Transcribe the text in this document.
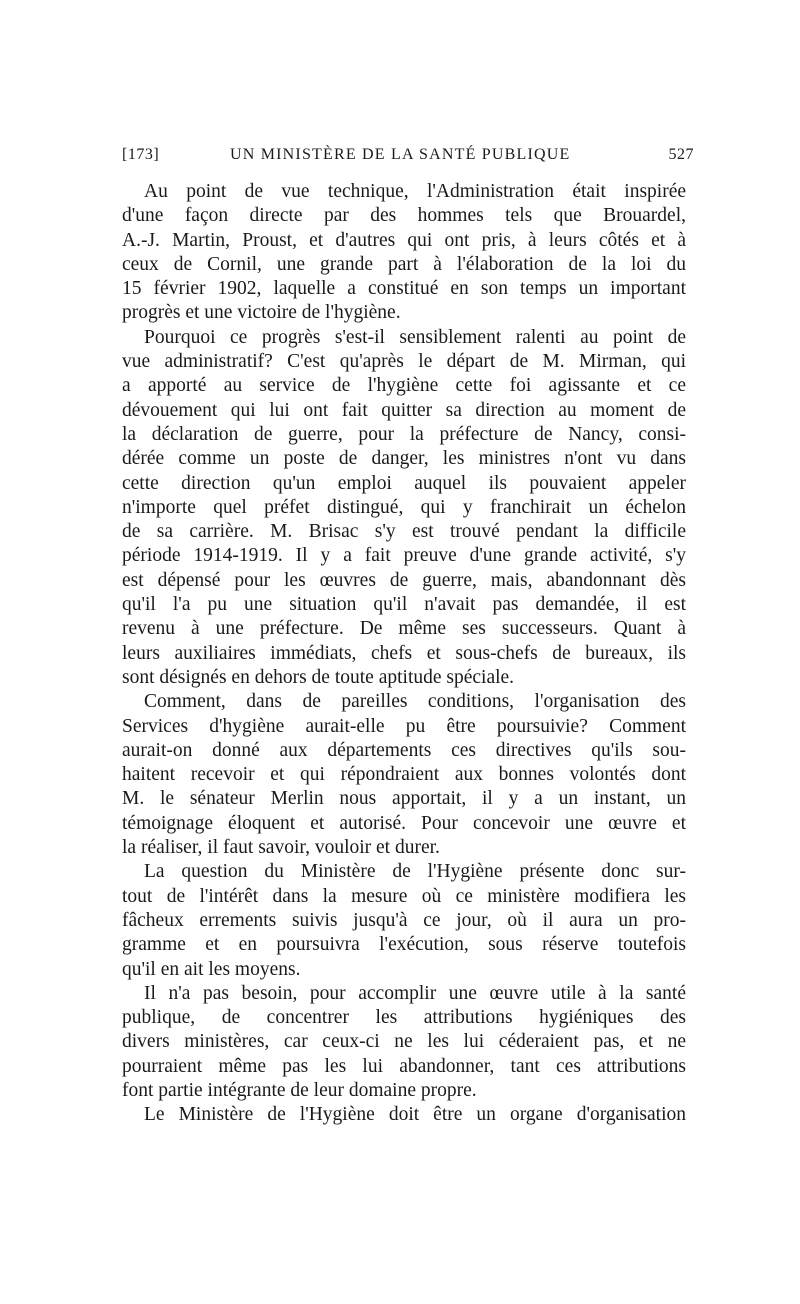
[173]	UN MINISTÈRE DE LA SANTÉ PUBLIQUE	527
Au point de vue technique, l'Administration était inspirée
d'une façon directe par des hommes tels que Brouardel,
A.-J. Martin, Proust, et d'autres qui ont pris, à leurs côtés et à
ceux de Cornil, une grande part à l'élaboration de la loi du
15 février 1902, laquelle a constitué en son temps un important
progrès et une victoire de l'hygiène.
Pourquoi ce progrès s'est-il sensiblement ralenti au point de
vue administratif? C'est qu'après le départ de M. Mirman, qui
a apporté au service de l'hygiène cette foi agissante et ce
dévouement qui lui ont fait quitter sa direction au moment de
la déclaration de guerre, pour la préfecture de Nancy, consi-
dérée comme un poste de danger, les ministres n'ont vu dans
cette direction qu'un emploi auquel ils pouvaient appeler
n'importe quel préfet distingué, qui y franchirait un échelon
de sa carrière. M. Brisac s'y est trouvé pendant la difficile
période 1914-1919. Il y a fait preuve d'une grande activité, s'y
est dépensé pour les œuvres de guerre, mais, abandonnant dès
qu'il l'a pu une situation qu'il n'avait pas demandée, il est
revenu à une préfecture. De même ses successeurs. Quant à
leurs auxiliaires immédiats, chefs et sous-chefs de bureaux, ils
sont désignés en dehors de toute aptitude spéciale.
Comment, dans de pareilles conditions, l'organisation des
Services d'hygiène aurait-elle pu être poursuivie? Comment
aurait-on donné aux départements ces directives qu'ils sou-
haitent recevoir et qui répondraient aux bonnes volontés dont
M. le sénateur Merlin nous apportait, il y a un instant, un
témoignage éloquent et autorisé. Pour concevoir une œuvre et
la réaliser, il faut savoir, vouloir et durer.
La question du Ministère de l'Hygiène présente donc sur-
tout de l'intérêt dans la mesure où ce ministère modifiera les
fâcheux errements suivis jusqu'à ce jour, où il aura un pro-
gramme et en poursuivra l'exécution, sous réserve toutefois
qu'il en ait les moyens.
Il n'a pas besoin, pour accomplir une œuvre utile à la santé
publique, de concentrer les attributions hygiéniques des
divers ministères, car ceux-ci ne les lui céderaient pas, et ne
pourraient même pas les lui abandonner, tant ces attributions
font partie intégrante de leur domaine propre.
Le Ministère de l'Hygiène doit être un organe d'organisation
